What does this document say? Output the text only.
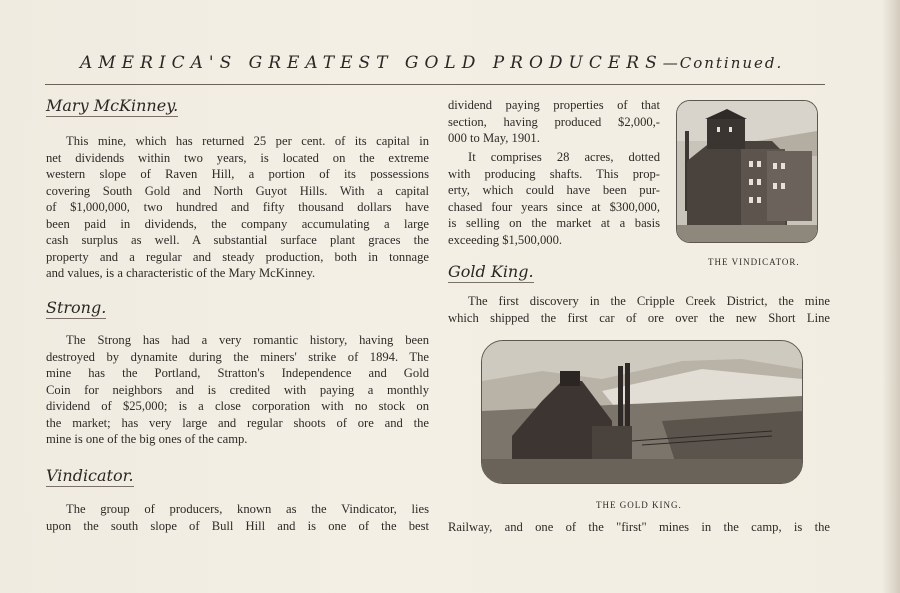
AMERICA'S GREATEST GOLD PRODUCERS—Continued.
Mary McKinney.
This mine, which has returned 25 per cent. of its capital in
net dividends within two years, is located on the extreme
western slope of Raven Hill, a portion of its possessions
covering South Gold and North Guyot Hills. With a capital
of $1,000,000, two hundred and fifty thousand dollars have
been paid in dividends, the company accumulating a large
cash surplus as well. A substantial surface plant graces the
property and a regular and steady production, both in tonnage
and values, is a characteristic of the Mary McKinney.
Strong.
The Strong has had a very romantic history, having been
destroyed by dynamite during the miners' strike of 1894. The
mine has the Portland, Stratton's Independence and Gold
Coin for neighbors and is credited with paying a monthly
dividend of $25,000; is a close corporation with no stock on
the market; has very large and regular shoots of ore and the
mine is one of the big ones of the camp.
Vindicator.
The group of producers, known as the Vindicator, lies
upon the south slope of Bull Hill and is one of the best
dividend paying properties of that
section, having produced $2,000,-
000 to May, 1901.
It comprises 28 acres, dotted
with producing shafts. This prop-
erty, which could have been pur-
chased four years since at $300,000,
is selling on the market at a basis
exceeding $1,500,000.
THE VINDICATOR.
Gold King.
The first discovery in the Cripple Creek District, the mine
which shipped the first car of ore over the new Short Line
THE GOLD KING.
Railway, and one of the "first" mines in the camp, is the
